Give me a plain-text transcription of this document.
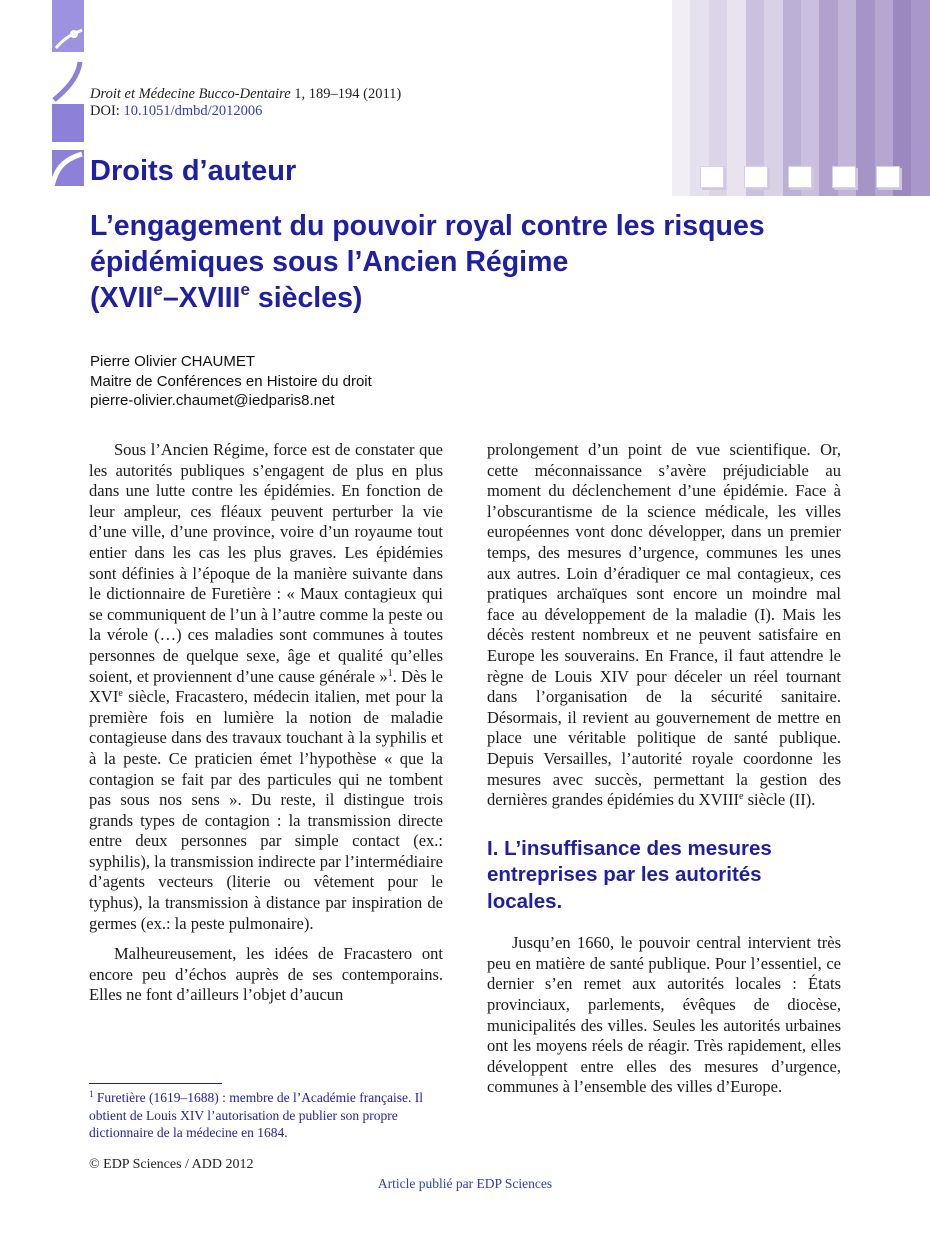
Droit et Médecine Bucco-Dentaire 1, 189–194 (2011)
DOI: 10.1051/dmbd/2012006
Droits d’auteur
L’engagement du pouvoir royal contre les risques
épidémiques sous l’Ancien Régime
(XVIIe–XVIIIe siècles)
Pierre Olivier CHAUMET
Maitre de Conférences en Histoire du droit
pierre-olivier.chaumet@iedparis8.net

Sous l’Ancien Régime, force est de constater que les autorités publiques s’engagent de plus en plus dans une lutte contre les épidémies. En fonction de leur ampleur, ces fléaux peuvent perturber la vie d’une ville, d’une province, voire d’un royaume tout entier dans les cas les plus graves. Les épidémies sont définies à l’époque de la manière suivante dans le dictionnaire de Furetière : « Maux contagieux qui se communiquent de l’un à l’autre comme la peste ou la vérole (…) ces maladies sont communes à toutes personnes de quelque sexe, âge et qualité qu’elles soient, et proviennent d’une cause générale »$^1$. Dès le XVIe siècle, Fracastero, médecin italien, met pour la première fois en lumière la notion de maladie contagieuse dans des travaux touchant à la syphilis et à la peste. Ce praticien émet l’hypothèse « que la contagion se fait par des particules qui ne tombent pas sous nos sens ». Du reste, il distingue trois grands types de contagion : la transmission directe entre deux personnes par simple contact (ex.: syphilis), la transmission indirecte par l’intermédiaire d’agents vecteurs (literie ou vêtement pour le typhus), la transmission à distance par inspiration de germes (ex.: la peste pulmonaire).

Malheureusement, les idées de Fracastero ont encore peu d’échos auprès de ses contemporains. Elles ne font d’ailleurs l’objet d’aucun

prolongement d’un point de vue scientifique. Or, cette méconnaissance s’avère préjudiciable au moment du déclenchement d’une épidémie. Face à l’obscurantisme de la science médicale, les villes européennes vont donc développer, dans un premier temps, des mesures d’urgence, communes les unes aux autres. Loin d’éradiquer ce mal contagieux, ces pratiques archaïques sont encore un moindre mal face au développement de la maladie (I). Mais les décès restent nombreux et ne peuvent satisfaire en Europe les souverains. En France, il faut attendre le règne de Louis XIV pour déceler un réel tournant dans l’organisation de la sécurité sanitaire. Désormais, il revient au gouvernement de mettre en place une véritable politique de santé publique. Depuis Versailles, l’autorité royale coordonne les mesures avec succès, permettant la gestion des dernières grandes épidémies du XVIIIe siècle (II).

I. L’insuffisance des mesures entreprises par les autorités locales.

Jusqu’en 1660, le pouvoir central intervient très peu en matière de santé publique. Pour l’essentiel, ce dernier s’en remet aux autorités locales : États provinciaux, parlements, évêques de diocèse, municipalités des villes. Seules les autorités urbaines ont les moyens réels de réagir. Très rapidement, elles développent entre elles des mesures d’urgence, communes à l’ensemble des villes d’Europe.

$^1$ Furetière (1619–1688) : membre de l’Académie française. Il obtient de Louis XIV l’autorisation de publier son propre dictionnaire de la médecine en 1684.
© EDP Sciences / ADD 2012
Article publié par EDP Sciences
